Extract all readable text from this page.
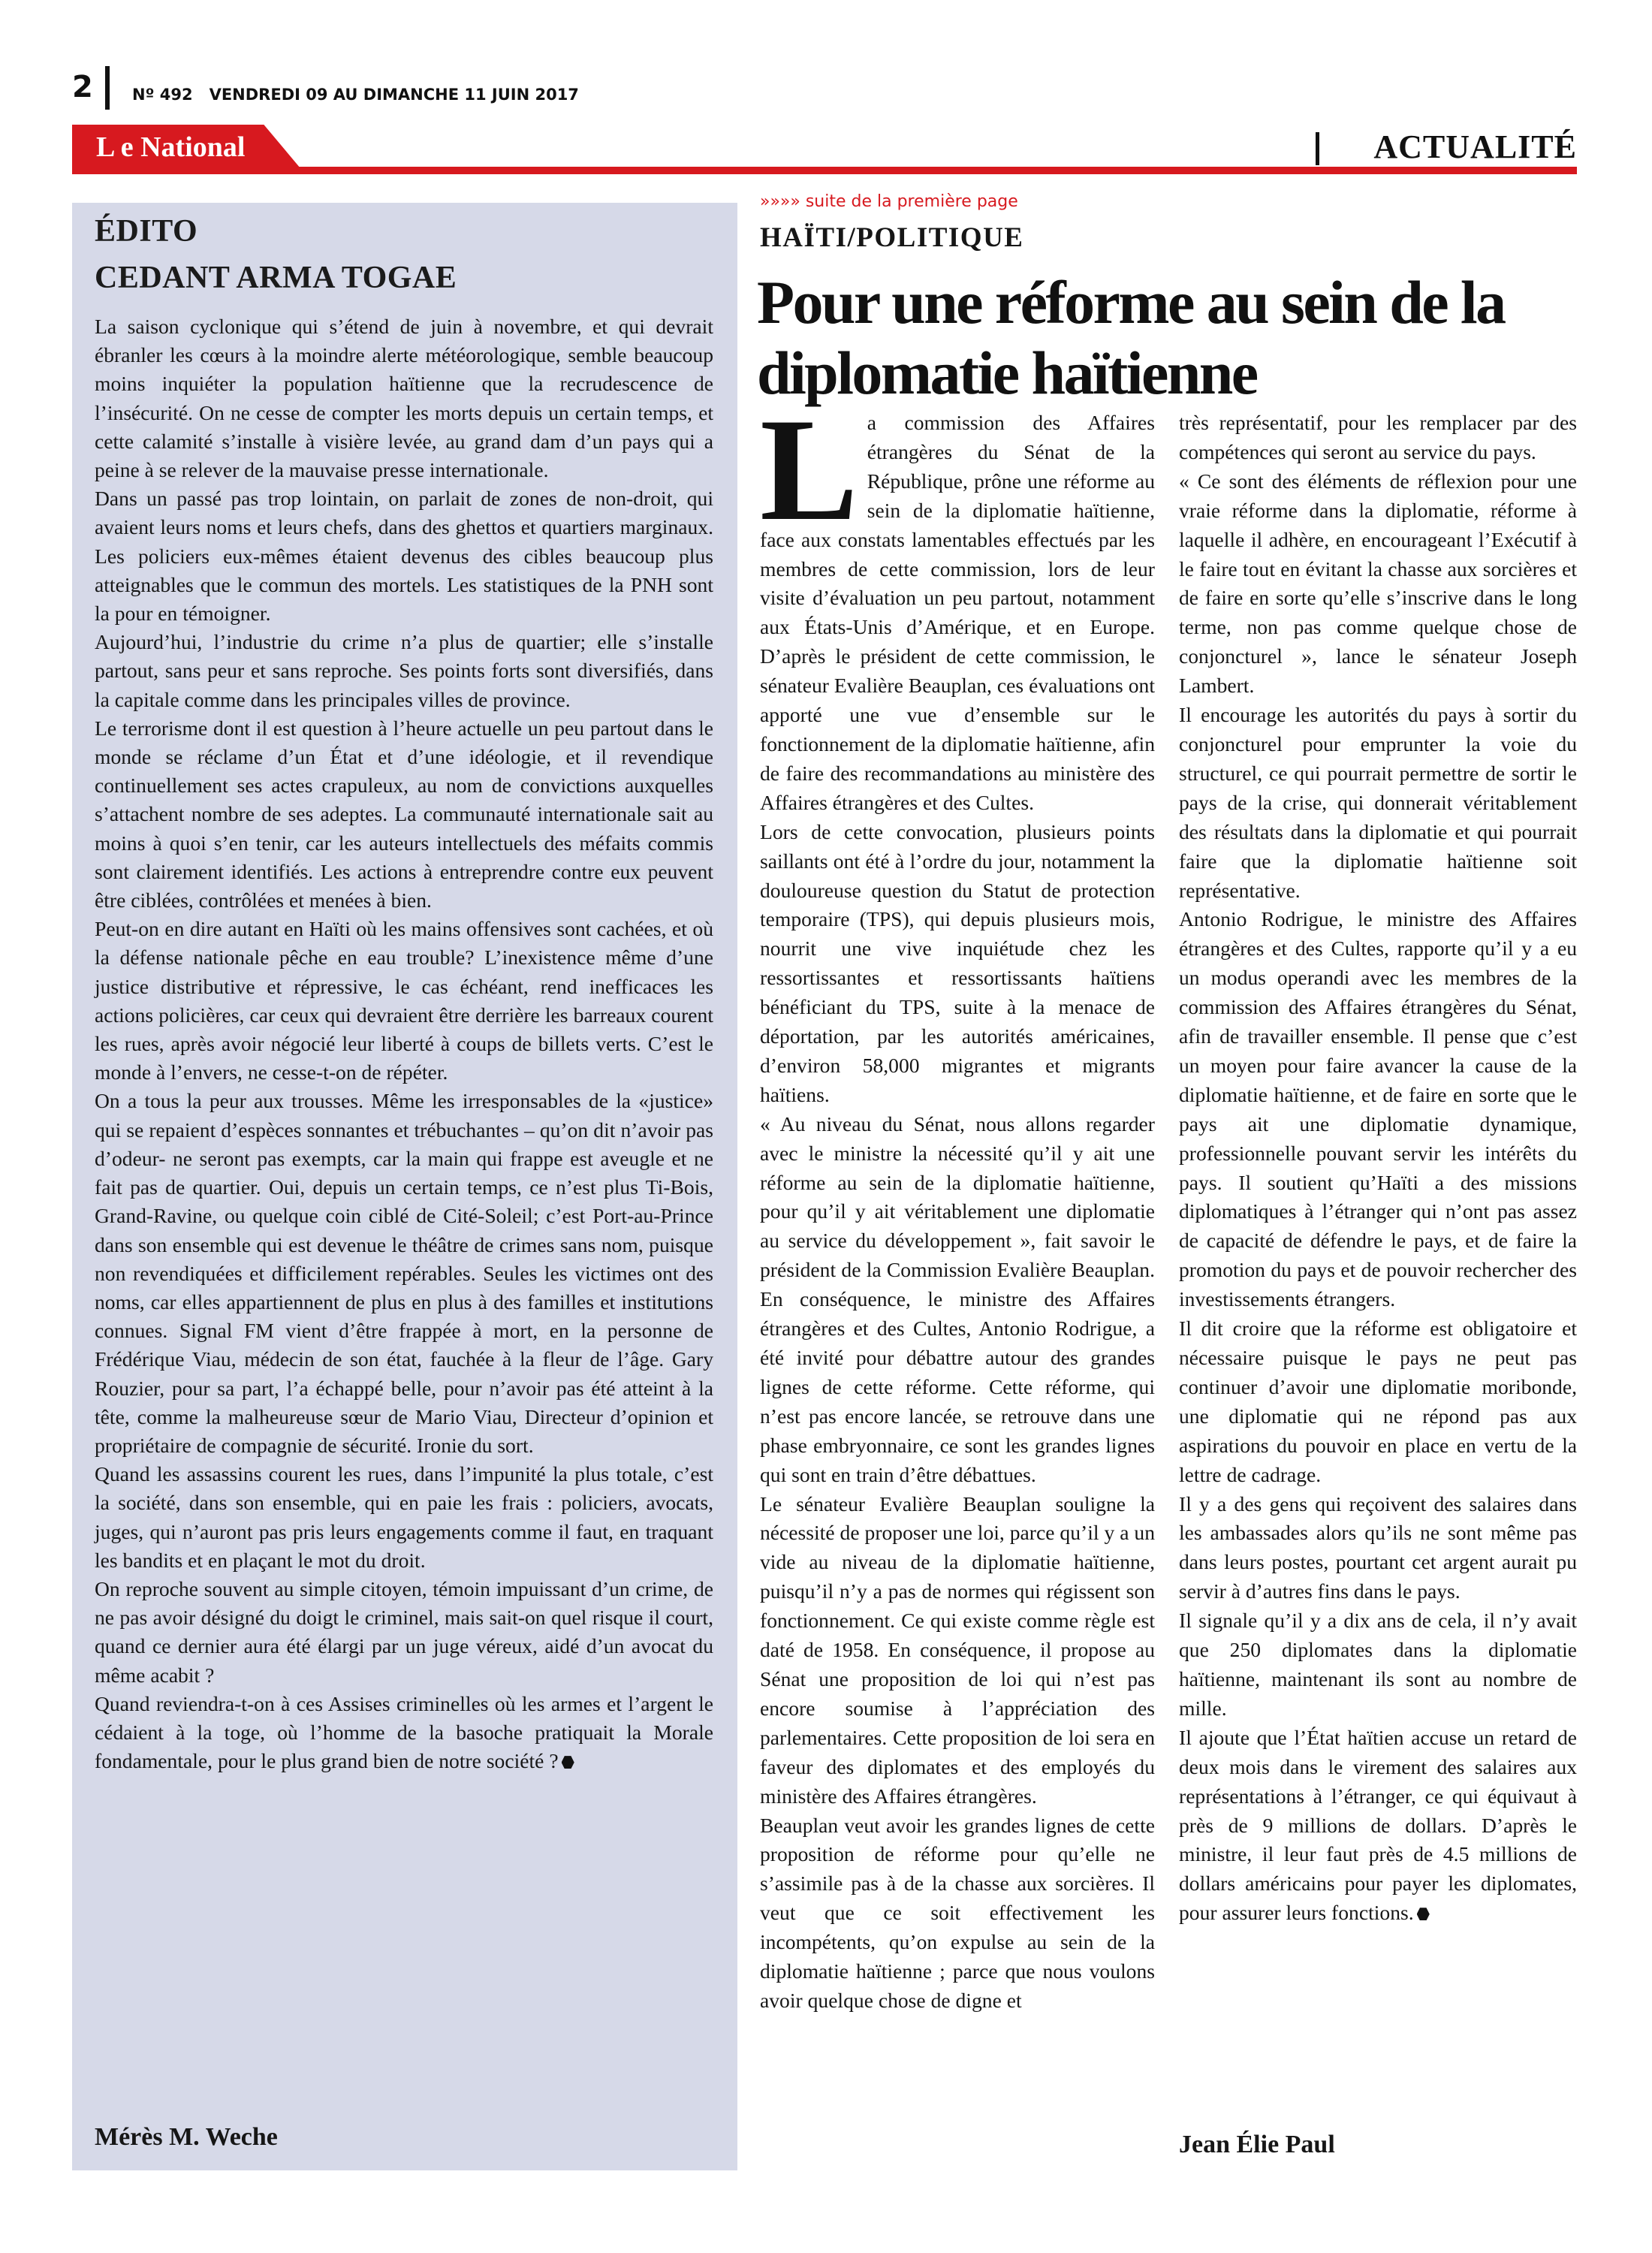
2 Nº 492 VENDREDI 09 AU DIMANCHE 11 JUIN 2017
L e National	ACTUALITÉ
ÉDITO
CEDANT ARMA TOGAE

La saison cyclonique qui s’étend de juin à novembre, et qui devrait ébranler les cœurs à la moindre alerte météorologique, semble beaucoup moins inquiéter la population haïtienne que la recrudescence de l’insécurité. On ne cesse de compter les morts depuis un certain temps, et cette calamité s’installe à visière levée, au grand dam d’un pays qui a peine à se relever de la mauvaise presse internationale.

Dans un passé pas trop lointain, on parlait de zones de non-droit, qui avaient leurs noms et leurs chefs, dans des ghettos et quartiers marginaux. Les policiers eux-mêmes étaient devenus des cibles beaucoup plus atteignables que le commun des mortels. Les statistiques de la PNH sont la pour en témoigner.

Aujourd’hui, l’industrie du crime n’a plus de quartier; elle s’installe partout, sans peur et sans reproche. Ses points forts sont diversifiés, dans la capitale comme dans les principales villes de province.

Le terrorisme dont il est question à l’heure actuelle un peu partout dans le monde se réclame d’un État et d’une idéologie, et il revendique continuellement ses actes crapuleux, au nom de convictions auxquelles s’attachent nombre de ses adeptes. La communauté internationale sait au moins à quoi s’en tenir, car les auteurs intellectuels des méfaits commis sont clairement identifiés. Les actions à entreprendre contre eux peuvent être ciblées, contrôlées et menées à bien.

Peut-on en dire autant en Haïti où les mains offensives sont cachées, et où la défense nationale pêche en eau trouble? L’inexistence même d’une justice distributive et répressive, le cas échéant, rend inefficaces les actions policières, car ceux qui devraient être derrière les barreaux courent les rues, après avoir négocié leur liberté à coups de billets verts. C’est le monde à l’envers, ne cesse-t-on de répéter.

On a tous la peur aux trousses. Même les irresponsables de la «justice» qui se repaient d’espèces sonnantes et trébuchantes – qu’on dit n’avoir pas d’odeur- ne seront pas exempts, car la main qui frappe est aveugle et ne fait pas de quartier. Oui, depuis un certain temps, ce n’est plus Ti-Bois, Grand-Ravine, ou quelque coin ciblé de Cité-Soleil; c’est Port-au-Prince dans son ensemble qui est devenue le théâtre de crimes sans nom, puisque non revendiquées et difficilement repérables. Seules les victimes ont des noms, car elles appartiennent de plus en plus à des familles et institutions connues. Signal FM vient d’être frappée à mort, en la personne de Frédérique Viau, médecin de son état, fauchée à la fleur de l’âge. Gary Rouzier, pour sa part, l’a échappé belle, pour n’avoir pas été atteint à la tête, comme la malheureuse sœur de Mario Viau, Directeur d’opinion et propriétaire de compagnie de sécurité. Ironie du sort.

Quand les assassins courent les rues, dans l’impunité la plus totale, c’est la société, dans son ensemble, qui en paie les frais : policiers, avocats, juges, qui n’auront pas pris leurs engagements comme il faut, en traquant les bandits et en plaçant le mot du droit.

On reproche souvent au simple citoyen, témoin impuissant d’un crime, de ne pas avoir désigné du doigt le criminel, mais sait-on quel risque il court, quand ce dernier aura été élargi par un juge véreux, aidé d’un avocat du même acabit ?

Quand reviendra-t-on à ces Assises criminelles où les armes et l’argent le cédaient à la toge, où l’homme de la basoche pratiquait la Morale fondamentale, pour le plus grand bien de notre société ?

Mérès M. Weche
»»»» suite de la première page
HAÏTI/POLITIQUE
Pour une réforme au sein de la
diplomatie haïtienne

La commission des Affaires étrangères du Sénat de la République, prône une réforme au sein de la diplomatie haïtienne, face aux constats lamentables effectués par les membres de cette commission, lors de leur visite d’évaluation un peu partout, notamment aux États-Unis d’Amérique, et en Europe. D’après le président de cette commission, le sénateur Evalière Beauplan, ces évaluations ont apporté une vue d’ensemble sur le fonctionnement de la diplomatie haïtienne, afin de faire des recommandations au ministère des Affaires étrangères et des Cultes.

Lors de cette convocation, plusieurs points saillants ont été à l’ordre du jour, notamment la douloureuse question du Statut de protection temporaire (TPS), qui depuis plusieurs mois, nourrit une vive inquiétude chez les ressortissantes et ressortissants haïtiens bénéficiant du TPS, suite à la menace de déportation, par les autorités américaines, d’environ 58,000 migrantes et migrants haïtiens.

« Au niveau du Sénat, nous allons regarder avec le ministre la nécessité qu’il y ait une réforme au sein de la diplomatie haïtienne, pour qu’il y ait véritablement une diplomatie au service du développement », fait savoir le président de la Commission Evalière Beauplan. En conséquence, le ministre des Affaires étrangères et des Cultes, Antonio Rodrigue, a été invité pour débattre autour des grandes lignes de cette réforme. Cette réforme, qui n’est pas encore lancée, se retrouve dans une phase embryonnaire, ce sont les grandes lignes qui sont en train d’être débattues.

Le sénateur Evalière Beauplan souligne la nécessité de proposer une loi, parce qu’il y a un vide au niveau de la diplomatie haïtienne, puisqu’il n’y a pas de normes qui régissent son fonctionnement. Ce qui existe comme règle est daté de 1958. En conséquence, il propose au Sénat une proposition de loi qui n’est pas encore soumise à l’appréciation des parlementaires. Cette proposition de loi sera en faveur des diplomates et des employés du ministère des Affaires étrangères.

Beauplan veut avoir les grandes lignes de cette proposition de réforme pour qu’elle ne s’assimile pas à de la chasse aux sorcières. Il veut que ce soit effectivement les incompétents, qu’on expulse au sein de la diplomatie haïtienne ; parce que nous voulons avoir quelque chose de digne et

très représentatif, pour les remplacer par des compétences qui seront au service du pays.

« Ce sont des éléments de réflexion pour une vraie réforme dans la diplomatie, réforme à laquelle il adhère, en encourageant l’Exécutif à le faire tout en évitant la chasse aux sorcières et de faire en sorte qu’elle s’inscrive dans le long terme, non pas comme quelque chose de conjoncturel », lance le sénateur Joseph Lambert.

Il encourage les autorités du pays à sortir du conjoncturel pour emprunter la voie du structurel, ce qui pourrait permettre de sortir le pays de la crise, qui donnerait véritablement des résultats dans la diplomatie et qui pourrait faire que la diplomatie haïtienne soit représentative.

Antonio Rodrigue, le ministre des Affaires étrangères et des Cultes, rapporte qu’il y a eu un modus operandi avec les membres de la commission des Affaires étrangères du Sénat, afin de travailler ensemble. Il pense que c’est un moyen pour faire avancer la cause de la diplomatie haïtienne, et de faire en sorte que le pays ait une diplomatie dynamique, professionnelle pouvant servir les intérêts du pays. Il soutient qu’Haïti a des missions diplomatiques à l’étranger qui n’ont pas assez de capacité de défendre le pays, et de faire la promotion du pays et de pouvoir rechercher des investissements étrangers.

Il dit croire que la réforme est obligatoire et nécessaire puisque le pays ne peut pas continuer d’avoir une diplomatie moribonde, une diplomatie qui ne répond pas aux aspirations du pouvoir en place en vertu de la lettre de cadrage.

Il y a des gens qui reçoivent des salaires dans les ambassades alors qu’ils ne sont même pas dans leurs postes, pourtant cet argent aurait pu servir à d’autres fins dans le pays.

Il signale qu’il y a dix ans de cela, il n’y avait que 250 diplomates dans la diplomatie haïtienne, maintenant ils sont au nombre de mille.

Il ajoute que l’État haïtien accuse un retard de deux mois dans le virement des salaires aux représentations à l’étranger, ce qui équivaut à près de 9 millions de dollars. D’après le ministre, il leur faut près de 4.5 millions de dollars américains pour payer les diplomates, pour assurer leurs fonctions.

Jean Élie Paul
